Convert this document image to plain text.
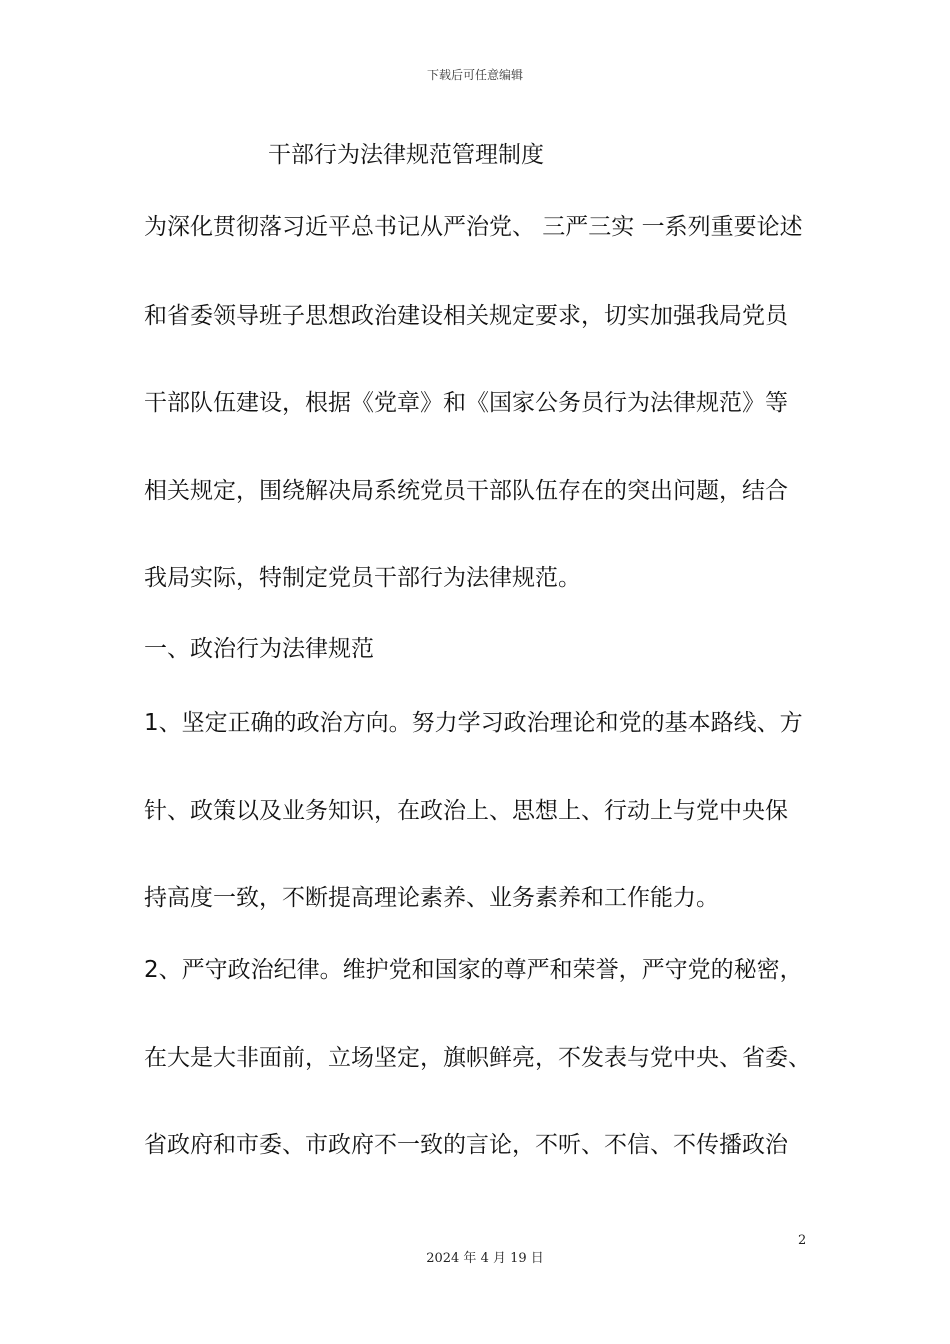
下载后可任意编辑
干部行为法律规范管理制度
为深化贯彻落习近平总书记从严治党、 三严三实 一系列重要论述
和省委领导班子思想政治建设相关规定要求，切实加强我局党员
干部队伍建设，根据《党章》和《国家公务员行为法律规范》等
相关规定，围绕解决局系统党员干部队伍存在的突出问题，结合
我局实际，特制定党员干部行为法律规范。
一、政治行为法律规范
1、坚定正确的政治方向。努力学习政治理论和党的基本路线、方
针、政策以及业务知识，在政治上、思想上、行动上与党中央保
持高度一致，不断提高理论素养、业务素养和工作能力。
2、严守政治纪律。维护党和国家的尊严和荣誉，严守党的秘密，
在大是大非面前，立场坚定，旗帜鲜亮，不发表与党中央、省委、
省政府和市委、市政府不一致的言论，不听、不信、不传播政治
2
2024 年 4 月 19 日
